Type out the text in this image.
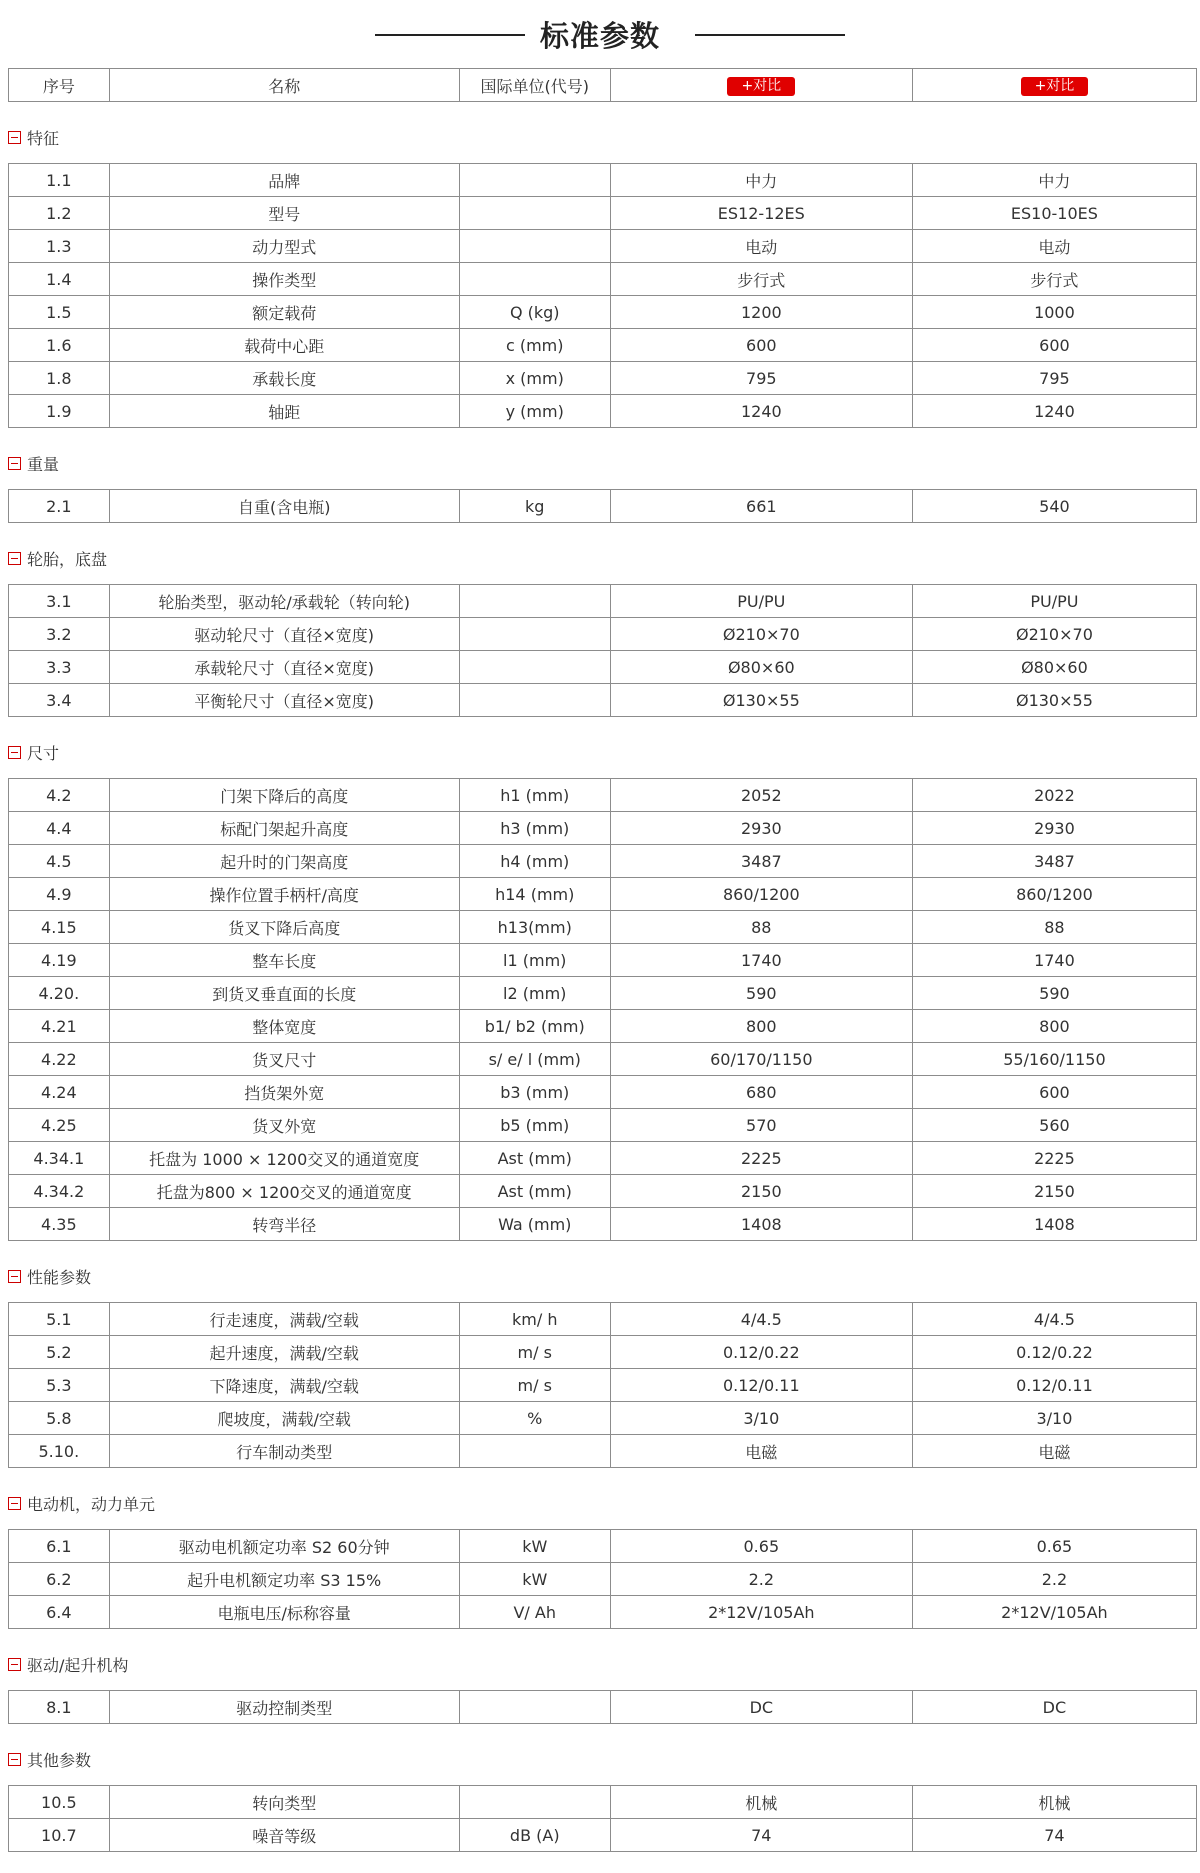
标准参数
序号	名称	国际单位(代号)	+对比	+对比
特征
1.1	品牌		中力	中力
1.2	型号		ES12-12ES	ES10-10ES
1.3	动力型式		电动	电动
1.4	操作类型		步行式	步行式
1.5	额定载荷	Q (kg)	1200	1000
1.6	载荷中心距	c (mm)	600	600
1.8	承载长度	x (mm)	795	795
1.9	轴距	y (mm)	1240	1240
重量
2.1	自重(含电瓶)	kg	661	540
轮胎，底盘
3.1	轮胎类型，驱动轮/承载轮（转向轮)		PU/PU	PU/PU
3.2	驱动轮尺寸（直径×宽度)		Ø210×70	Ø210×70
3.3	承载轮尺寸（直径×宽度)		Ø80×60	Ø80×60
3.4	平衡轮尺寸（直径×宽度)		Ø130×55	Ø130×55
尺寸
4.2	门架下降后的高度	h1 (mm)	2052	2022
4.4	标配门架起升高度	h3 (mm)	2930	2930
4.5	起升时的门架高度	h4 (mm)	3487	3487
4.9	操作位置手柄杆/高度	h14 (mm)	860/1200	860/1200
4.15	货叉下降后高度	h13(mm)	88	88
4.19	整车长度	l1 (mm)	1740	1740
4.20.	到货叉垂直面的长度	l2 (mm)	590	590
4.21	整体宽度	b1/ b2 (mm)	800	800
4.22	货叉尺寸	s/ e/ l (mm)	60/170/1150	55/160/1150
4.24	挡货架外宽	b3 (mm)	680	600
4.25	货叉外宽	b5 (mm)	570	560
4.34.1	托盘为 1000 × 1200交叉的通道宽度	Ast (mm)	2225	2225
4.34.2	托盘为800 × 1200交叉的通道宽度	Ast (mm)	2150	2150
4.35	转弯半径	Wa (mm)	1408	1408
性能参数
5.1	行走速度，满载/空载	km/ h	4/4.5	4/4.5
5.2	起升速度，满载/空载	m/ s	0.12/0.22	0.12/0.22
5.3	下降速度，满载/空载	m/ s	0.12/0.11	0.12/0.11
5.8	爬坡度，满载/空载	%	3/10	3/10
5.10.	行车制动类型		电磁	电磁
电动机，动力单元
6.1	驱动电机额定功率 S2 60分钟	kW	0.65	0.65
6.2	起升电机额定功率 S3 15%	kW	2.2	2.2
6.4	电瓶电压/标称容量	V/ Ah	2*12V/105Ah	2*12V/105Ah
驱动/起升机构
8.1	驱动控制类型		DC	DC
其他参数
10.5	转向类型		机械	机械
10.7	噪音等级	dB (A)	74	74
